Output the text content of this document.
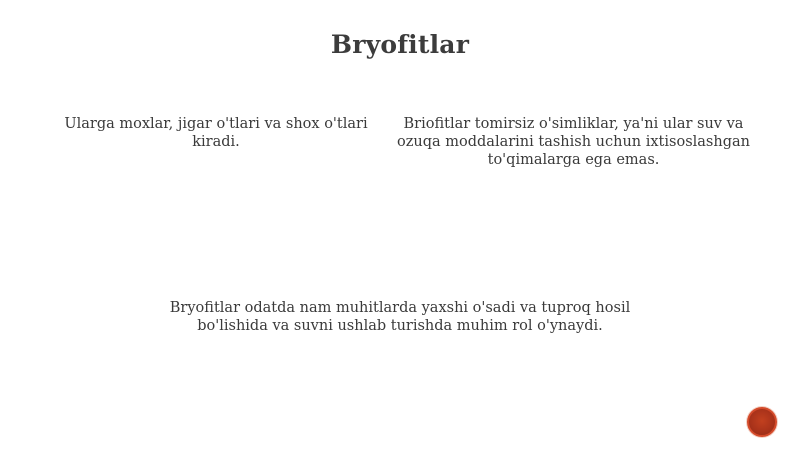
Bryofitlar
Ularga moxlar, jigar o'tlari va shox o'tlari kiradi.
Briofitlar tomirsiz o'simliklar, ya'ni ular suv va ozuqa moddalarini tashish uchun ixtisoslashgan to'qimalarga ega emas.
Bryofitlar odatda nam muhitlarda yaxshi o'sadi va tuproq hosil bo'lishida va suvni ushlab turishda muhim rol o'ynaydi.
